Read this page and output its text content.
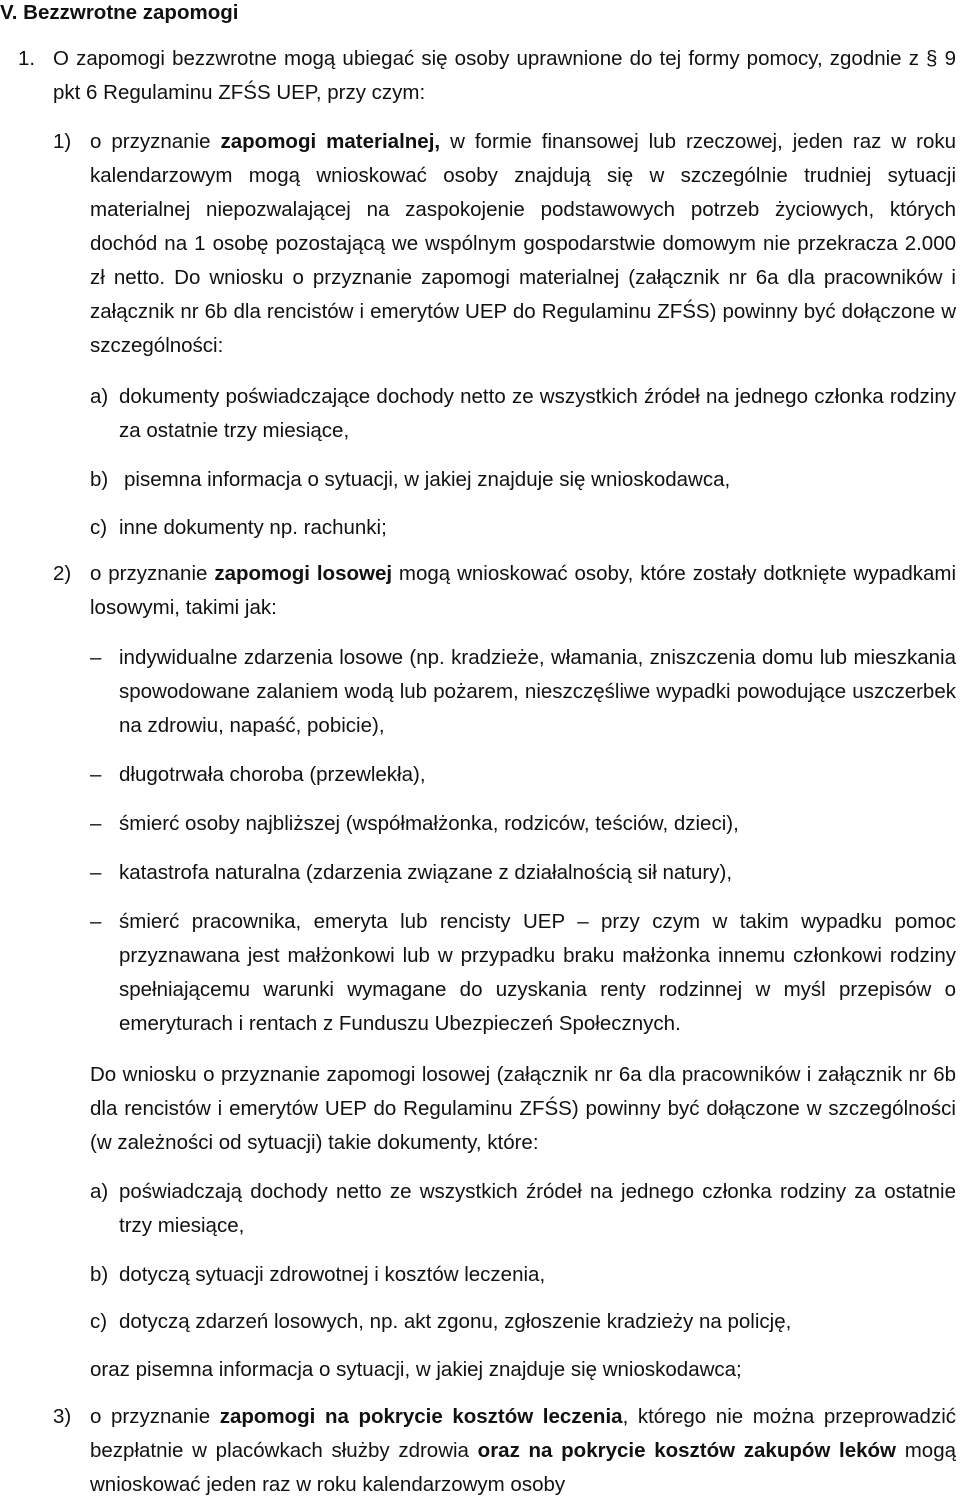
V. Bezzwrotne zapomogi
1. O zapomogi bezzwrotne mogą ubiegać się osoby uprawnione do tej formy pomocy, zgodnie z § 9 pkt 6 Regulaminu ZFŚS UEP, przy czym:
1) o przyznanie zapomogi materialnej, w formie finansowej lub rzeczowej, jeden raz w roku kalendarzowym mogą wnioskować osoby znajdują się w szczególnie trudniej sytuacji materialnej niepozwalającej na zaspokojenie podstawowych potrzeb życiowych, których dochód na 1 osobę pozostającą we wspólnym gospodarstwie domowym nie przekracza 2.000 zł netto. Do wniosku o przyznanie zapomogi materialnej (załącznik nr 6a dla pracowników i załącznik nr 6b dla rencistów i emerytów UEP do Regulaminu ZFŚS) powinny być dołączone w szczególności:
a) dokumenty poświadczające dochody netto ze wszystkich źródeł na jednego członka rodziny za ostatnie trzy miesiące,
b) pisemna informacja o sytuacji, w jakiej znajduje się wnioskodawca,
c) inne dokumenty np. rachunki;
2) o przyznanie zapomogi losowej mogą wnioskować osoby, które zostały dotknięte wypadkami losowymi, takimi jak:
– indywidualne zdarzenia losowe (np. kradzieże, włamania, zniszczenia domu lub mieszkania spowodowane zalaniem wodą lub pożarem, nieszczęśliwe wypadki powodujące uszczerbek na zdrowiu, napaść, pobicie),
– długotrwała choroba (przewlekła),
– śmierć osoby najbliższej (współmałżonka, rodziców, teściów, dzieci),
– katastrofa naturalna (zdarzenia związane z działalnością sił natury),
– śmierć pracownika, emeryta lub rencisty UEP – przy czym w takim wypadku pomoc przyznawana jest małżonkowi lub w przypadku braku małżonka innemu członkowi rodziny spełniającemu warunki wymagane do uzyskania renty rodzinnej w myśl przepisów o emeryturach i rentach z Funduszu Ubezpieczeń Społecznych.
Do wniosku o przyznanie zapomogi losowej (załącznik nr 6a dla pracowników i załącznik nr 6b dla rencistów i emerytów UEP do Regulaminu ZFŚS) powinny być dołączone w szczególności (w zależności od sytuacji) takie dokumenty, które:
a) poświadczają dochody netto ze wszystkich źródeł na jednego członka rodziny za ostatnie trzy miesiące,
b) dotyczą sytuacji zdrowotnej i kosztów leczenia,
c) dotyczą zdarzeń losowych, np. akt zgonu, zgłoszenie kradzieży na policję,
oraz pisemna informacja o sytuacji, w jakiej znajduje się wnioskodawca;
3) o przyznanie zapomogi na pokrycie kosztów leczenia, którego nie można przeprowadzić bezpłatnie w placówkach służby zdrowia oraz na pokrycie kosztów zakupów leków mogą wnioskować jeden raz w roku kalendarzowym osoby
